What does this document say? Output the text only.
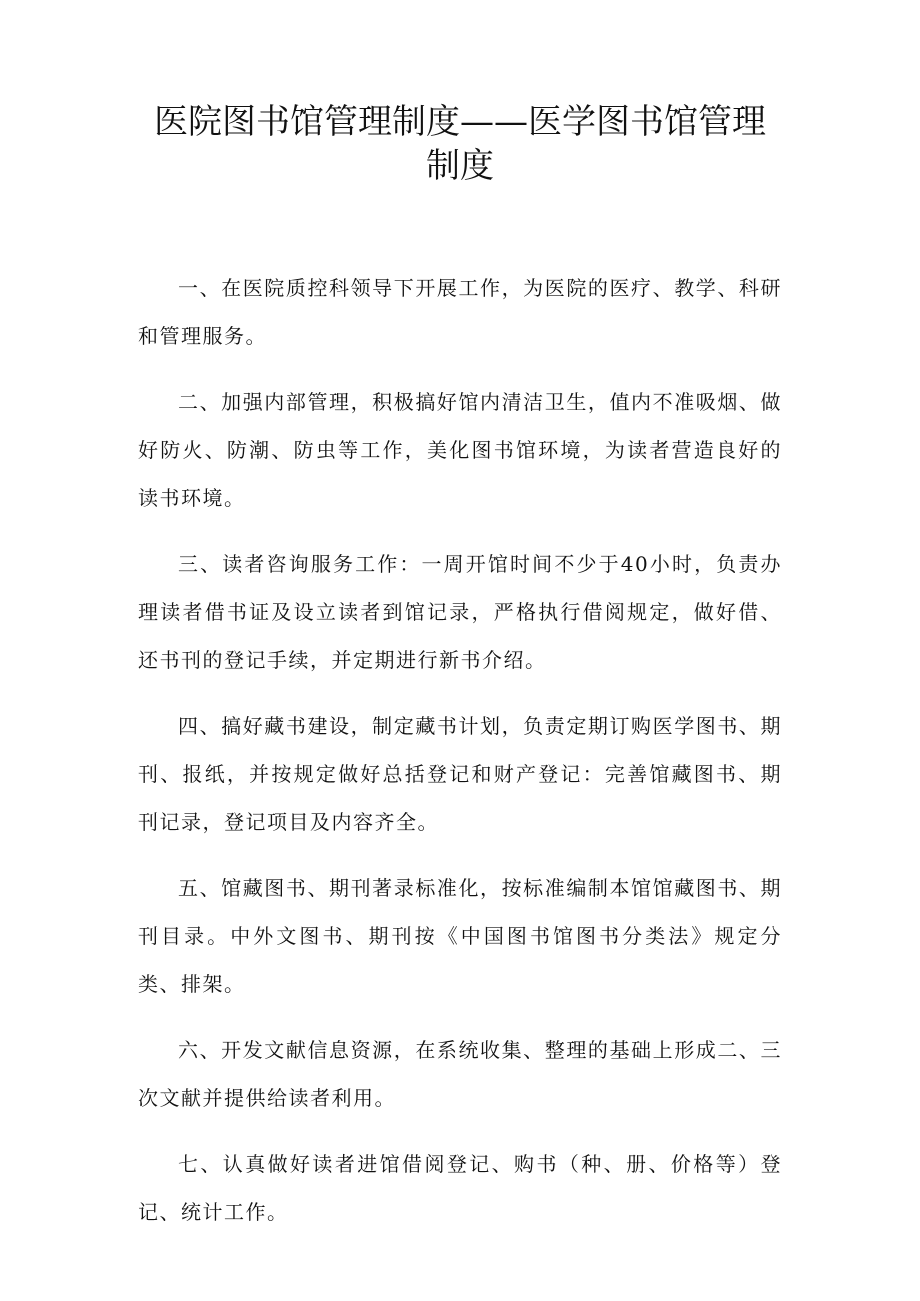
医院图书馆管理制度——医学图书馆管理制度

一、在医院质控科领导下开展工作，为医院的医疗、教学、科研和管理服务。

二、加强内部管理，积极搞好馆内清洁卫生，值内不准吸烟、做好防火、防潮、防虫等工作，美化图书馆环境，为读者营造良好的读书环境。

三、读者咨询服务工作：一周开馆时间不少于40小时，负责办理读者借书证及设立读者到馆记录，严格执行借阅规定，做好借、还书刊的登记手续，并定期进行新书介绍。

四、搞好藏书建设，制定藏书计划，负责定期订购医学图书、期刊、报纸，并按规定做好总括登记和财产登记：完善馆藏图书、期刊记录，登记项目及内容齐全。

五、馆藏图书、期刊著录标准化，按标准编制本馆馆藏图书、期刊目录。中外文图书、期刊按《中国图书馆图书分类法》规定分类、排架。

六、开发文献信息资源，在系统收集、整理的基础上形成二、三次文献并提供给读者利用。

七、认真做好读者进馆借阅登记、购书（种、册、价格等）登记、统计工作。
